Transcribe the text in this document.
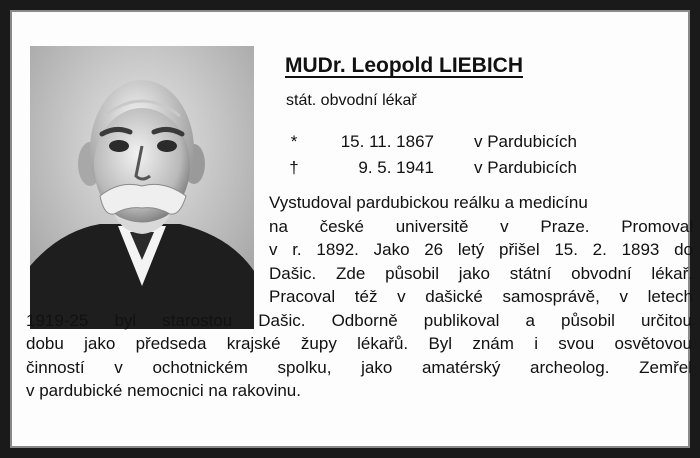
MUDr. Leopold LIEBICH
stát. obvodní lékař
*	15. 11. 1867 v Pardubicích
†	9. 5. 1941 v Pardubicích
Vystudoval pardubickou reálku a medicínu
na české universitě v Praze. Promoval
v r. 1892. Jako 26 letý přišel 15. 2. 1893 do
Dašic. Zde působil jako státní obvodní lékař.
Pracoval též v dašické samosprávě, v letech
1919-25 byl starostou Dašic. Odborně publikoval a působil určitou
dobu jako předseda krajské župy lékařů. Byl znám i svou osvětovou
činností v ochotnickém spolku, jako amatérský archeolog. Zemřel
v pardubické nemocnici na rakovinu.
